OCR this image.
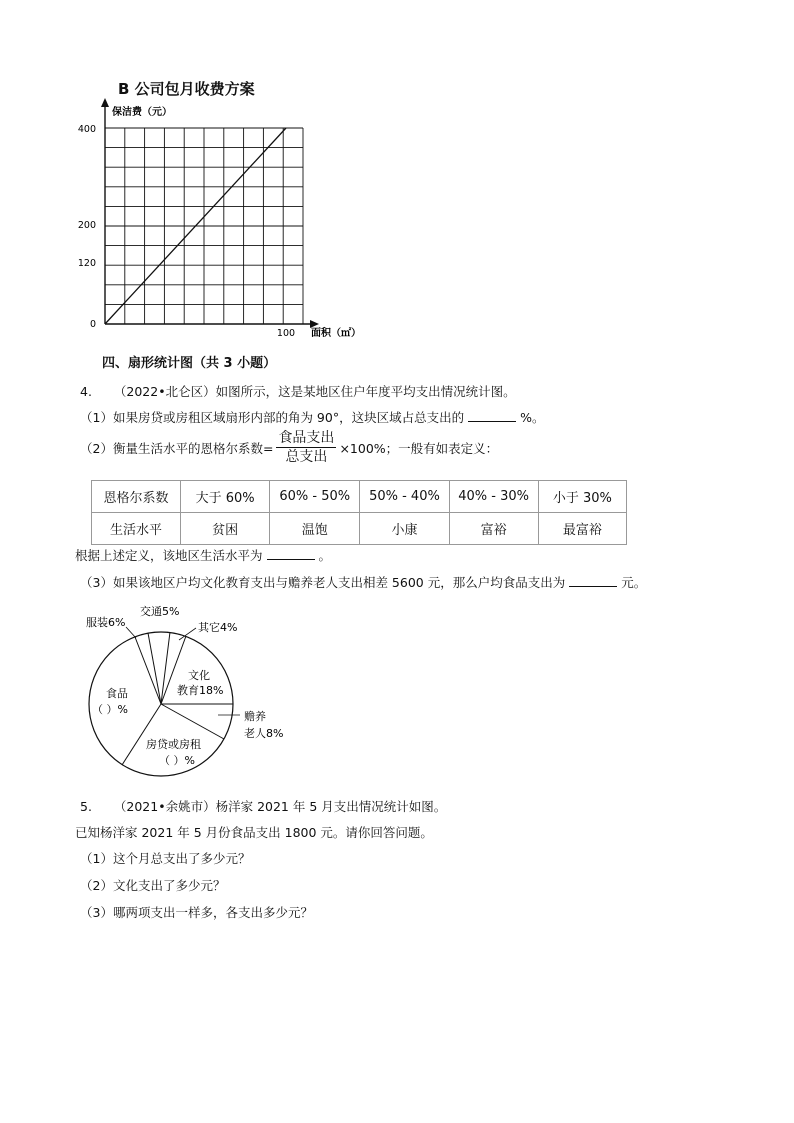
B 公司包月收费方案
保洁费（元）
400
200
120
0
100 面积（㎡）
四、扇形统计图（共 3 小题）
4. （2022•北仑区）如图所示，这是某地区住户年度平均支出情况统计图。
（1）如果房贷或房租区域扇形内部的角为 90°，这块区域占总支出的	%。
（2）衡量生活水平的恩格尔系数= $\frac{\text{食品支出}}{\text{总支出}} \times 100\%$；一般有如表定义：
恩格尔系数	大于 60%	60% - 50%	50% - 40%	40% - 30%	小于 30%
生活水平	贫困	温饱	小康	富裕	最富裕
根据上述定义，该地区生活水平为	。
（3）如果该地区户均文化教育支出与赡养老人支出相差 5600 元，那么户均食品支出为	元。
服装6%
交通5%
其它4%
文化
教育18%
赡养
老人8%
食品
（ ）%
房贷或房租
（ ）%
5. （2021•余姚市）杨洋家 2021 年 5 月支出情况统计如图。
已知杨洋家 2021 年 5 月份食品支出 1800 元。请你回答问题。
（1）这个月总支出了多少元？
（2）文化支出了多少元？
（3）哪两项支出一样多，各支出多少元？
